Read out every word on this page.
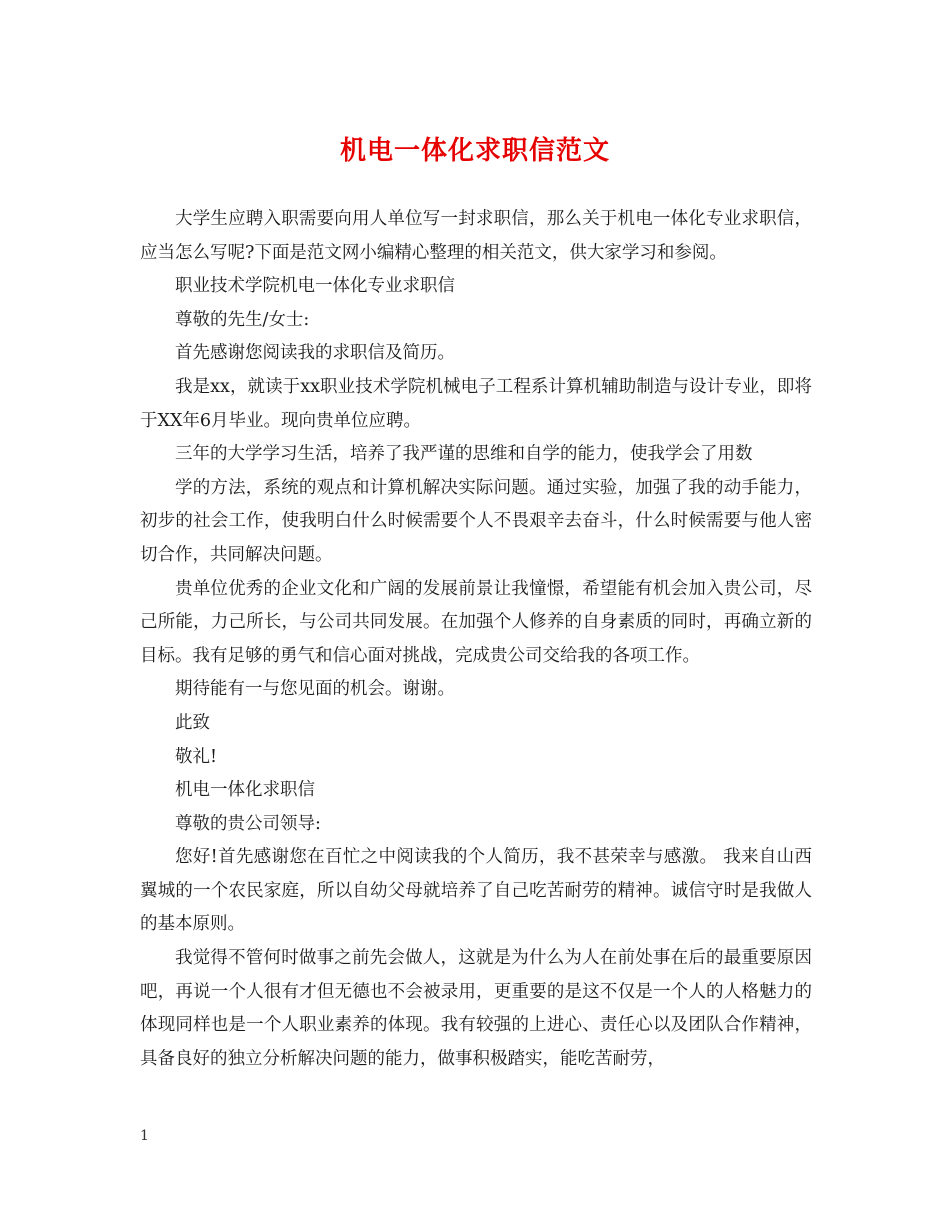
机电一体化求职信范文

大学生应聘入职需要向用人单位写一封求职信，那么关于机电一体化专业求职信，应当怎么写呢?下面是范文网小编精心整理的相关范文，供大家学习和参阅。

职业技术学院机电一体化专业求职信

尊敬的先生/女士:

首先感谢您阅读我的求职信及简历。

我是xx，就读于xx职业技术学院机械电子工程系计算机辅助制造与设计专业，即将于XX年6月毕业。现向贵单位应聘。

三年的大学学习生活，培养了我严谨的思维和自学的能力，使我学会了用数

学的方法，系统的观点和计算机解决实际问题。通过实验，加强了我的动手能力，初步的社会工作，使我明白什么时候需要个人不畏艰辛去奋斗，什么时候需要与他人密切合作，共同解决问题。

贵单位优秀的企业文化和广阔的发展前景让我憧憬，希望能有机会加入贵公司，尽己所能，力己所长，与公司共同发展。在加强个人修养的自身素质的同时，再确立新的目标。我有足够的勇气和信心面对挑战，完成贵公司交给我的各项工作。

期待能有一与您见面的机会。谢谢。

此致

敬礼!

机电一体化求职信

尊敬的贵公司领导:

您好!首先感谢您在百忙之中阅读我的个人简历，我不甚荣幸与感激。 我来自山西翼城的一个农民家庭，所以自幼父母就培养了自己吃苦耐劳的精神。诚信守时是我做人的基本原则。

我觉得不管何时做事之前先会做人，这就是为什么为人在前处事在后的最重要原因吧，再说一个人很有才但无德也不会被录用，更重要的是这不仅是一个人的人格魅力的体现同样也是一个人职业素养的体现。我有较强的上进心、责任心以及团队合作精神，具备良好的独立分析解决问题的能力，做事积极踏实，能吃苦耐劳，

1
